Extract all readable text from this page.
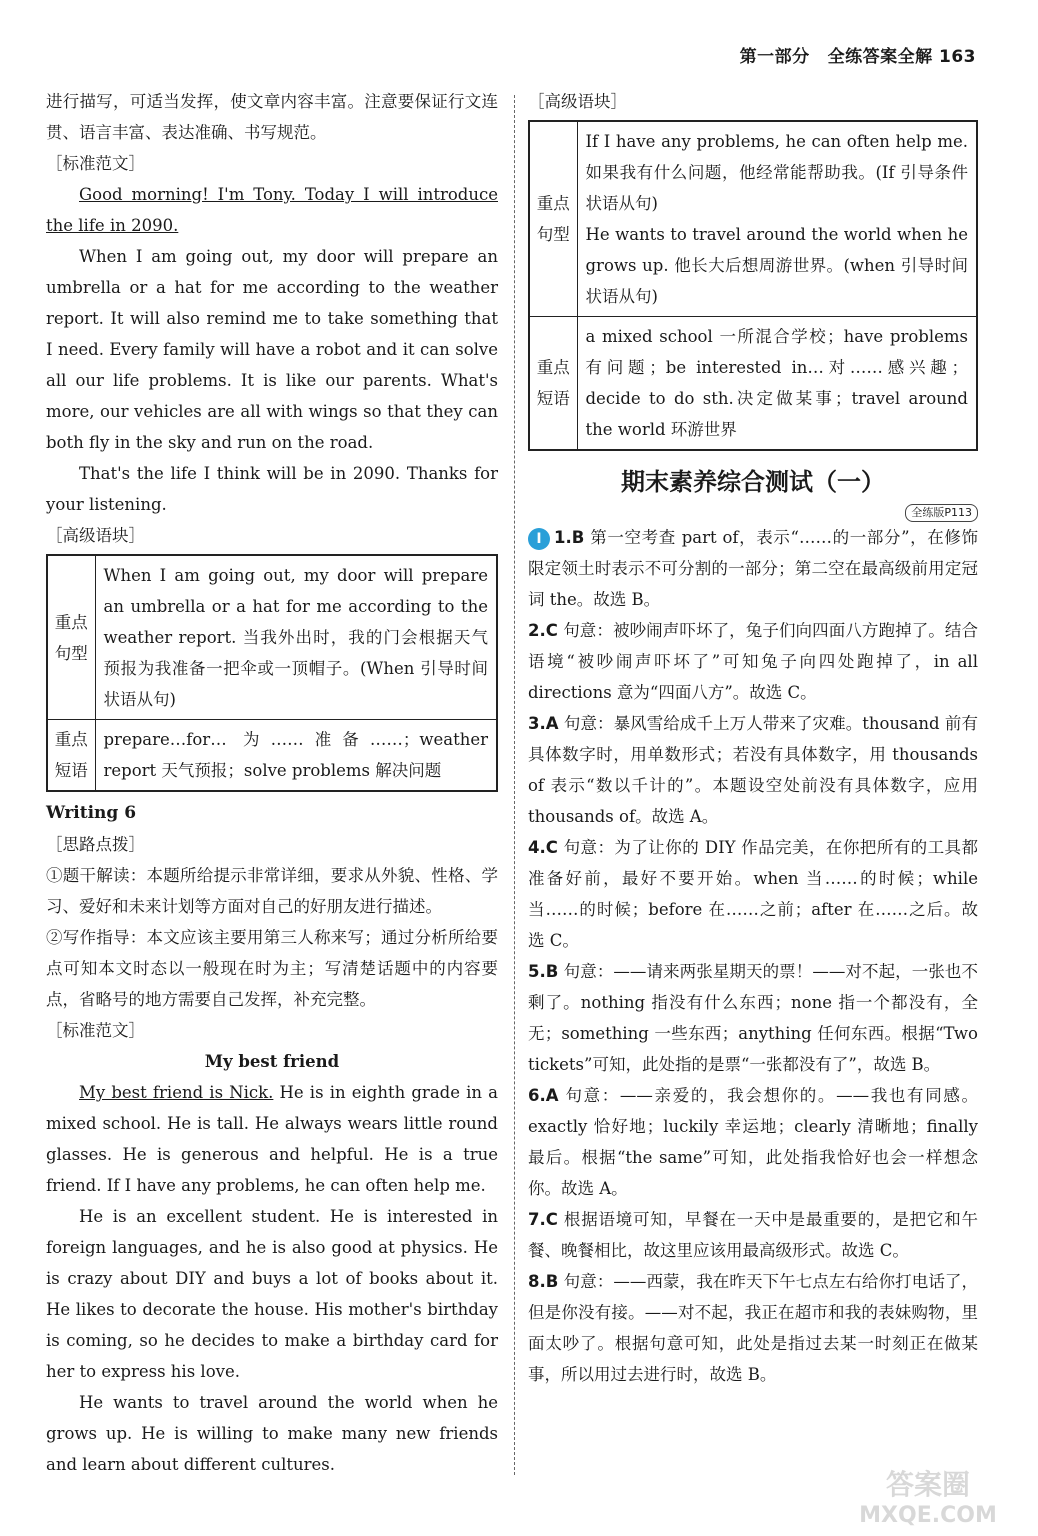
第一部分 全练答案全解 163

进行描写，可适当发挥，使文章内容丰富。注意要保证行文连贯、语言丰富、表达准确、书写规范。

［标准范文］

Good morning! I'm Tony. Today I will introduce the life in 2090.

When I am going out, my door will prepare an umbrella or a hat for me according to the weather report. It will also remind me to take something that I need. Every family will have a robot and it can solve all our life problems. It is like our parents. What's more, our vehicles are all with wings so that they can both fly in the sky and run on the road.

That's the life I think will be in 2090. Thanks for your listening.

［高级语块］
重点句型	When I am going out, my door will prepare an umbrella or a hat for me according to the weather report. 当我外出时，我的门会根据天气预报为我准备一把伞或一顶帽子。(When 引导时间状语从句)
重点短语	prepare…for… 为……准备……；weather report 天气预报；solve problems 解决问题
Writing 6
［思路点拨］

①题干解读：本题所给提示非常详细，要求从外貌、性格、学习、爱好和未来计划等方面对自己的好朋友进行描述。

②写作指导：本文应该主要用第三人称来写；通过分析所给要点可知本文时态以一般现在时为主；写清楚话题中的内容要点，省略号的地方需要自己发挥，补充完整。

［标准范文］
My best friend

My best friend is Nick. He is in eighth grade in a mixed school. He is tall. He always wears little round glasses. He is generous and helpful. He is a true friend. If I have any problems, he can often help me.

He is an excellent student. He is interested in foreign languages, and he is also good at physics. He is crazy about DIY and buys a lot of books about it. He likes to decorate the house. His mother's birthday is coming, so he decides to make a birthday card for her to express his love.

He wants to travel around the world when he grows up. He is willing to make many new friends and learn about different cultures.

［高级语块］
重点句型	If I have any problems, he can often help me. 如果我有什么问题，他经常能帮助我。(If 引导条件状语从句)
He wants to travel around the world when he grows up. 他长大后想周游世界。(when 引导时间状语从句)

重点短语	a mixed school 一所混合学校；have problems 有问题；be interested in…对……感兴趣；decide to do sth.决定做某事；travel around the world 环游世界
期末素养综合测试（一）
全练版P113
Ⅰ 1.B 第一空考查 part of，表示“……的一部分”，在修饰限定领土时表示不可分割的一部分；第二空在最高级前用定冠词 the。故选 B。
2.C 句意：被吵闹声吓坏了，兔子们向四面八方跑掉了。结合语境“被吵闹声吓坏了”可知兔子向四处跑掉了，in all directions 意为“四面八方”。故选 C。
3.A 句意：暴风雪给成千上万人带来了灾难。thousand 前有具体数字时，用单数形式；若没有具体数字，用 thousands of 表示“数以千计的”。本题设空处前没有具体数字，应用 thousands of。故选 A。
4.C 句意：为了让你的 DIY 作品完美，在你把所有的工具都准备好前，最好不要开始。when 当……的时候；while 当……的时候；before 在……之前；after 在……之后。故选 C。
5.B 句意：——请来两张星期天的票！——对不起，一张也不剩了。nothing 指没有什么东西；none 指一个都没有，全无；something 一些东西；anything 任何东西。根据“Two tickets”可知，此处指的是票“一张都没有了”，故选 B。
6.A 句意：——亲爱的，我会想你的。——我也有同感。exactly 恰好地；luckily 幸运地；clearly 清晰地；finally最后。根据“the same”可知，此处指我恰好也会一样想念你。故选 A。
7.C 根据语境可知，早餐在一天中是最重要的，是把它和午餐、晚餐相比，故这里应该用最高级形式。故选 C。
8.B 句意：——西蒙，我在昨天下午七点左右给你打电话了，但是你没有接。——对不起，我正在超市和我的表妹购物，里面太吵了。根据句意可知，此处是指过去某一时刻正在做某事，所以用过去进行时，故选 B。
答案圈
MXQE.COM
